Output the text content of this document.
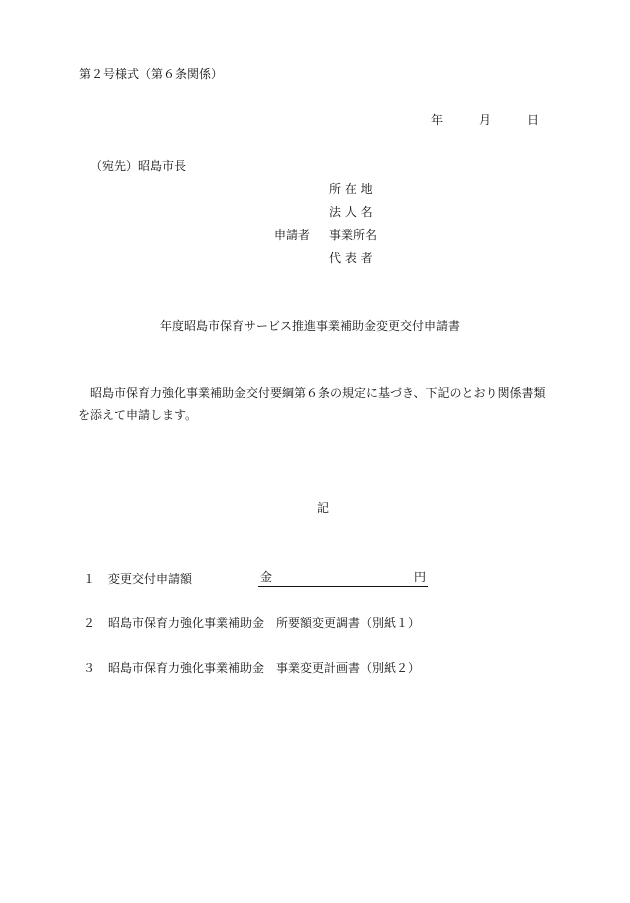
第２号様式（第６条関係）
年	月	日
（宛先）昭島市長
申請者
所 在 地
法 人 名
事業所名
代 表 者
年度昭島市保育サービス推進事業補助金変更交付申請書
昭島市保育力強化事業補助金交付要綱第６条の規定に基づき、下記のとおり関係書類を添えて申請します。
記
１ 変更交付申請額	金	円
２ 昭島市保育力強化事業補助金　所要額変更調書（別紙１）
３ 昭島市保育力強化事業補助金　事業変更計画書（別紙２）
